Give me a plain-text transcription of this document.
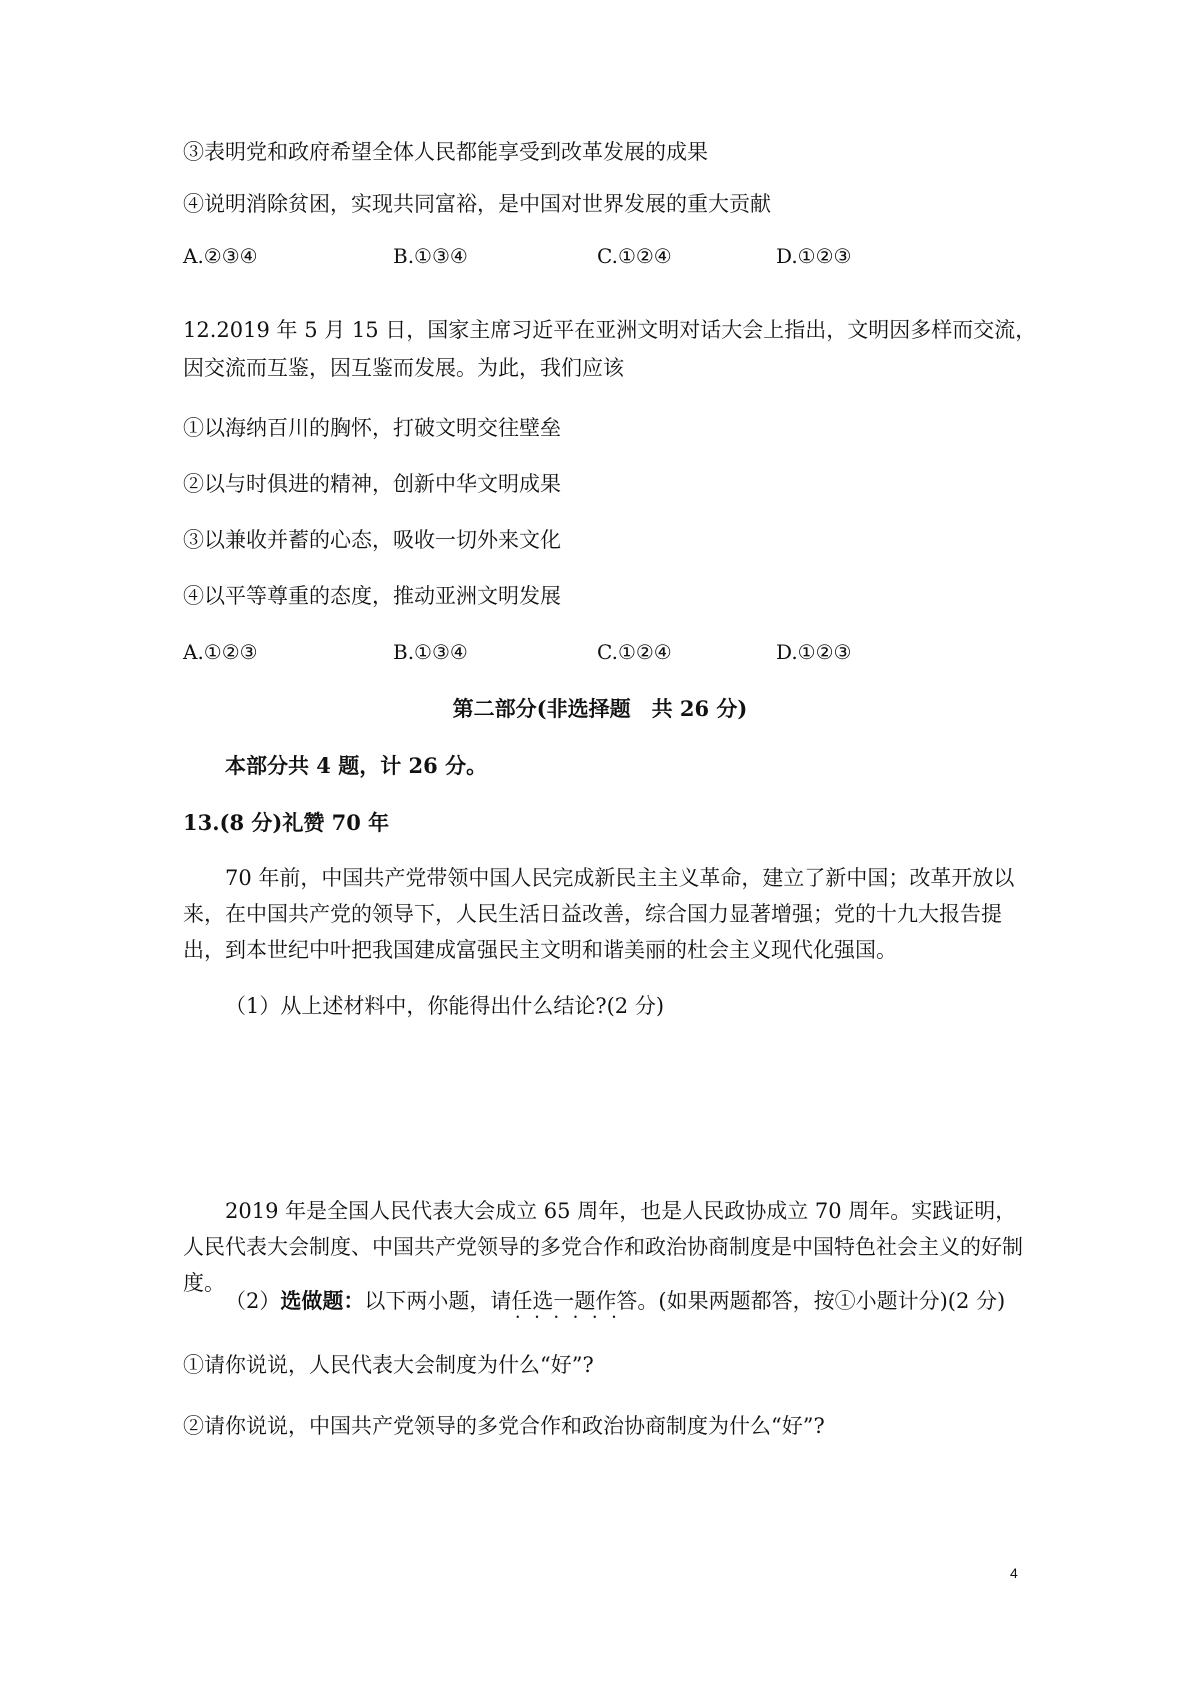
③表明党和政府希望全体人民都能享受到改革发展的成果
④说明消除贫困，实现共同富裕，是中国对世界发展的重大贡献
A.②③④	B.①③④	C.①②④	D.①②③
12.2019 年 5 月 15 日，国家主席习近平在亚洲文明对话大会上指出，文明因多样而交流，
因交流而互鉴，因互鉴而发展。为此，我们应该
①以海纳百川的胸怀，打破文明交往壁垒
②以与时俱进的精神，创新中华文明成果
③以兼收并蓄的心态，吸收一切外来文化
④以平等尊重的态度，推动亚洲文明发展
A.①②③	B.①③④	C.①②④	D.①②③
第二部分(非选择题　共 26 分)
本部分共 4 题，计 26 分。
13.(8 分)礼赞 70 年

70 年前，中国共产党带领中国人民完成新民主主义革命，建立了新中国；改革开放以来，在中国共产党的领导下，人民生活日益改善，综合国力显著增强；党的十九大报告提出，到本世纪中叶把我国建成富强民主文明和谐美丽的杜会主义现代化强国。

（1）从上述材料中，你能得出什么结论?(2 分)

2019 年是全国人民代表大会成立 65 周年，也是人民政协成立 70 周年。实践证明，人民代表大会制度、中国共产党领导的多党合作和政治协商制度是中国特色社会主义的好制度。

（2）选做题：以下两小题，请任选一题作答 • • 。(如果两题都答，按①小题计分)(2 分)
①请你说说，人民代表大会制度为什么“好”?
②请你说说，中国共产党领导的多党合作和政治协商制度为什么“好”?
4
